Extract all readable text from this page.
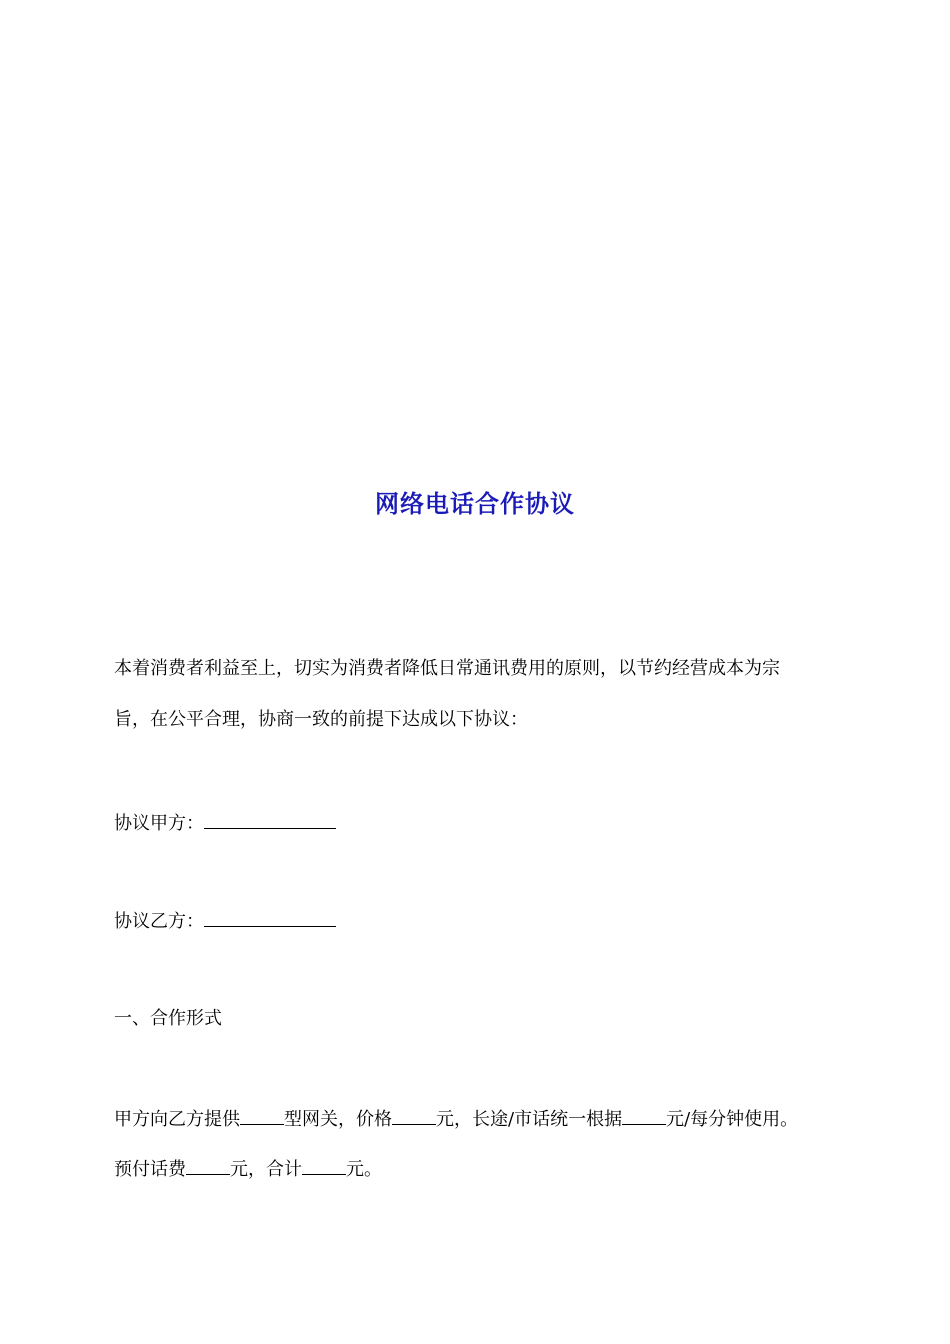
网络电话合作协议
本着消费者利益至上，切实为消费者降低日常通讯费用的原则，以节约经营成本为宗
旨，在公平合理，协商一致的前提下达成以下协议：
协议甲方：
协议乙方：
一、合作形式
甲方向乙方提供 型网关，价格 元，长途/市话统一根据 元/每分钟使用。
预付话费 元，合计 元。
